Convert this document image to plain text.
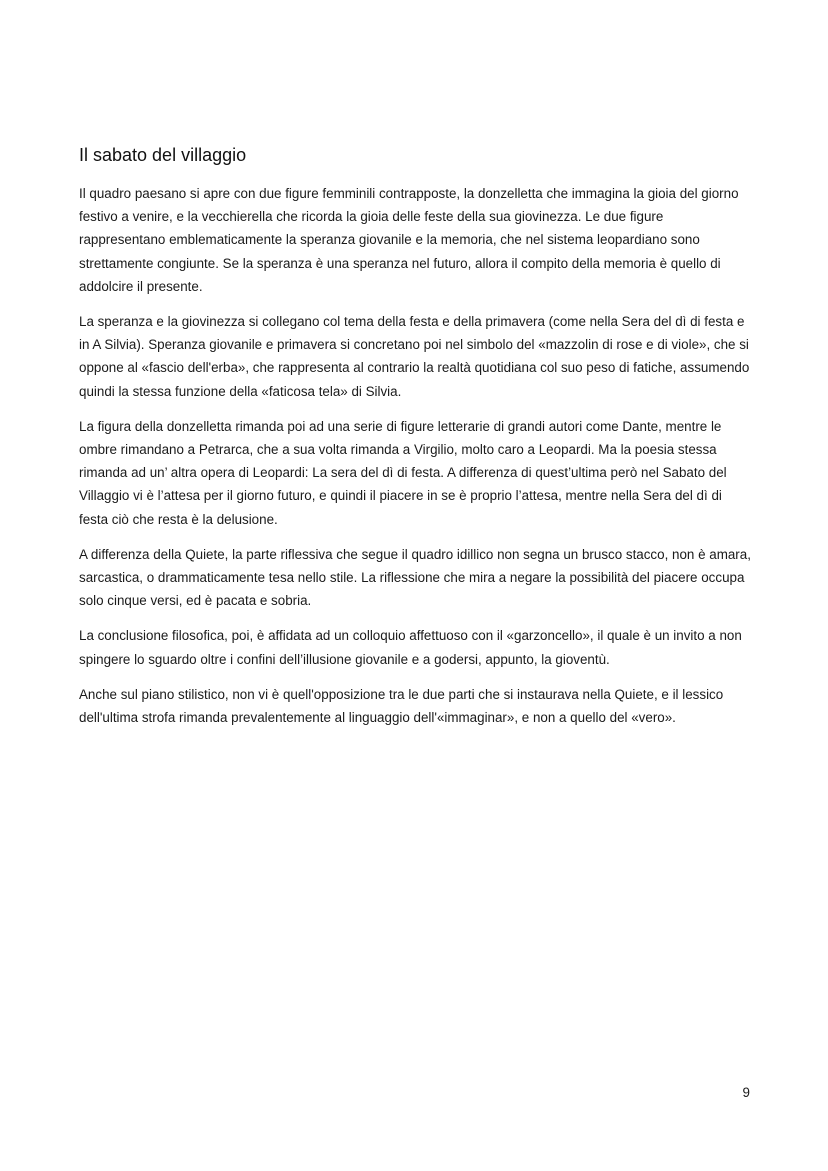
Il sabato del villaggio

Il quadro paesano si apre con due figure femminili contrapposte, la donzelletta che immagina la gioia del giorno festivo a venire, e la vecchierella che ricorda la gioia delle feste della sua giovinezza. Le due figure rappresentano emblematicamente la speranza giovanile e la memoria, che nel sistema leopardiano sono strettamente congiunte. Se la speranza è una speranza nel futuro, allora il compito della memoria è quello di addolcire il presente.

La speranza e la giovinezza si collegano col tema della festa e della primavera (come nella Sera del dì di festa e in A Silvia). Speranza giovanile e primavera si concretano poi nel simbolo del «mazzolin di rose e di viole», che si oppone al «fascio dell'erba», che rappresenta al contrario la realtà quotidiana col suo peso di fatiche, assumendo quindi la stessa funzione della «faticosa tela» di Silvia.

La figura della donzelletta rimanda poi ad una serie di figure letterarie di grandi autori come Dante, mentre le ombre rimandano a Petrarca, che a sua volta rimanda a Virgilio, molto caro a Leopardi. Ma la poesia stessa rimanda ad un’ altra opera di Leopardi: La sera del dì di festa. A differenza di quest’ultima però nel Sabato del Villaggio vi è l’attesa per il giorno futuro, e quindi il piacere in se è proprio l’attesa, mentre nella Sera del dì di festa ciò che resta è la delusione.

A differenza della Quiete, la parte riflessiva che segue il quadro idillico non segna un brusco stacco, non è amara, sarcastica, o drammaticamente tesa nello stile. La riflessione che mira a negare la possibilità del piacere occupa solo cinque versi, ed è pacata e sobria.

La conclusione filosofica, poi, è affidata ad un colloquio affettuoso con il «garzoncello», il quale è un invito a non spingere lo sguardo oltre i confini dell’illusione giovanile e a godersi, appunto, la gioventù.

Anche sul piano stilistico, non vi è quell'opposizione tra le due parti che si instaurava nella Quiete, e il lessico dell'ultima strofa rimanda prevalentemente al linguaggio dell'«immaginar», e non a quello del «vero».

9
